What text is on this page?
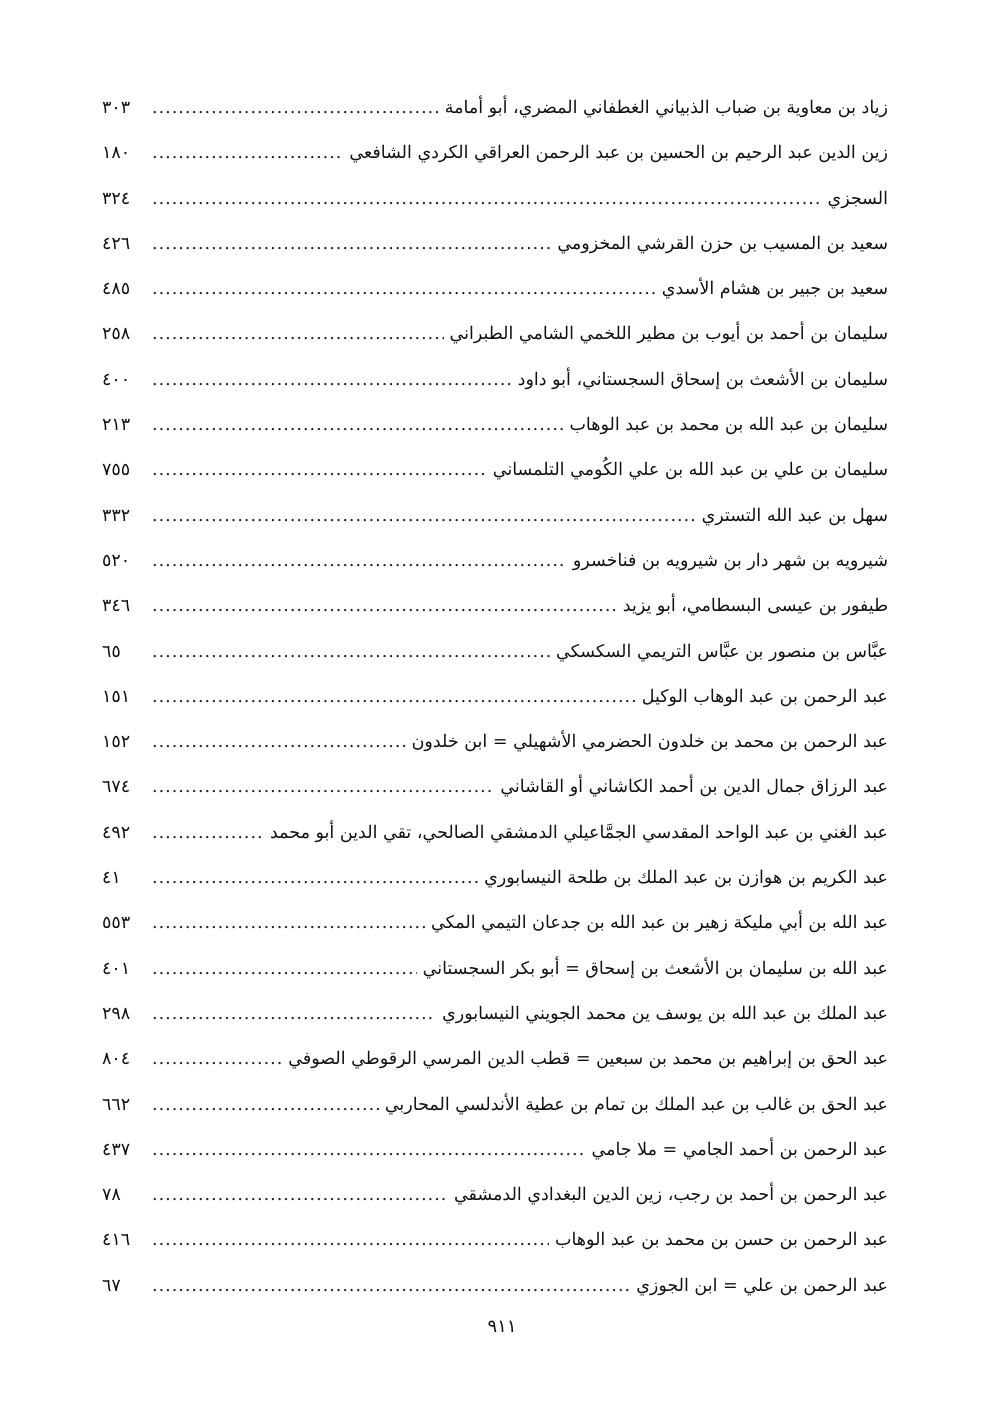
زياد بن معاوية بن ضباب الذبياني الغطفاني المضري، أبو أمامة
.....
٣٠٣
زين الدين عبد الرحيم بن الحسين بن عبد الرحمن العراقي الكردي الشافعي
.....
١٨٠
السجزي
.....
٣٢٤
سعيد بن المسيب بن حزن القرشي المخزومي
.....
٤٢٦
سعيد بن جبير بن هشام الأسدي
.....
٤٨٥
سليمان بن أحمد بن أيوب بن مطير اللخمي الشامي الطبراني
.....
٢٥٨
سليمان بن الأشعث بن إسحاق السجستاني، أبو داود
.....
٤٠٠
سليمان بن عبد الله بن محمد بن عبد الوهاب
.....
٢١٣
سليمان بن علي بن عبد الله بن علي الكُومي التلمساني
.....
٧٥٥
سهل بن عبد الله التستري
.....
٣٣٢
شيرويه بن شهر دار بن شيرويه بن فناخسرو
.....
٥٢٠
طيفور بن عيسى البسطامي، أبو يزيد
.....
٣٤٦
عبَّاس بن منصور بن عبَّاس التريمي السكسكي
.....
٦٥
عبد الرحمن بن عبد الوهاب الوكيل
.....
١٥١
عبد الرحمن بن محمد بن خلدون الحضرمي الأشهيلي = ابن خلدون
.....
١٥٢
عبد الرزاق جمال الدين بن أحمد الكاشاني أو القاشاني
.....
٦٧٤
عبد الغني بن عبد الواحد المقدسي الجمَّاعيلي الدمشقي الصالحي، تقي الدين أبو محمد
.....
٤٩٢
عبد الكريم بن هوازن بن عبد الملك بن طلحة النيسابوري
.....
٤١
عبد الله بن أبي مليكة زهير بن عبد الله بن جدعان التيمي المكي
.....
٥٥٣
عبد الله بن سليمان بن الأشعث بن إسحاق = أبو بكر السجستاني
.....
٤٠١
عبد الملك بن عبد الله بن يوسف ين محمد الجويني النيسابوري
.....
٢٩٨
عبد الحق بن إبراهيم بن محمد بن سبعين = قطب الدين المرسي الرقوطي الصوفي
.....
٨٠٤
عبد الحق بن غالب بن عبد الملك بن تمام بن عطية الأندلسي المحاربي
.....
٦٦٢
عبد الرحمن بن أحمد الجامي = ملا جامي
.....
٤٣٧
عبد الرحمن بن أحمد بن رجب، زين الدين البغدادي الدمشقي
.....
٧٨
عبد الرحمن بن حسن بن محمد بن عبد الوهاب
.....
٤١٦
عبد الرحمن بن علي = ابن الجوزي
.....
٦٧
٩١١
